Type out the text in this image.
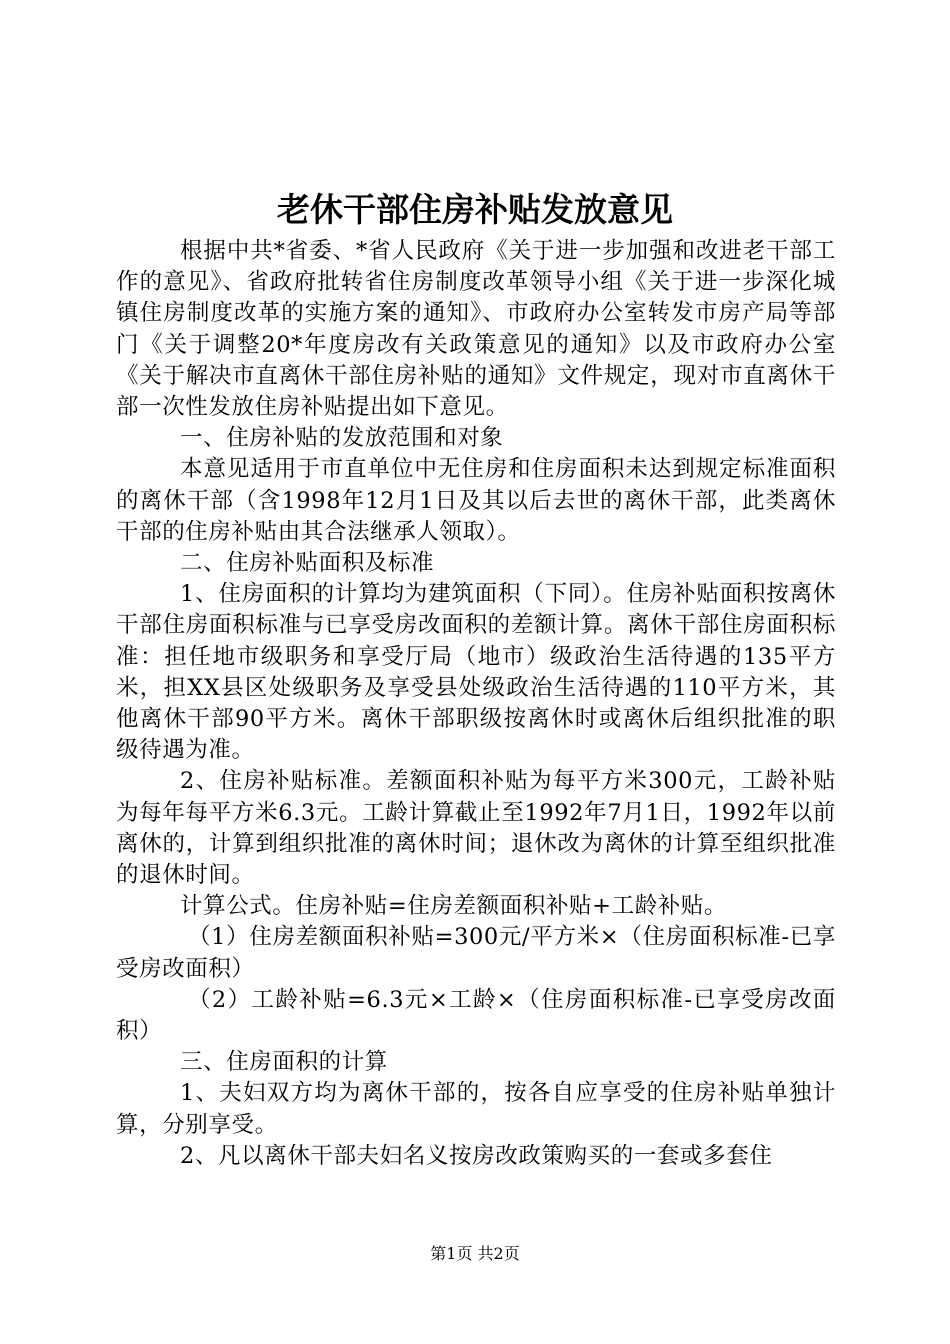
老休干部住房补贴发放意见

根据中共*省委、*省人民政府《关于进一步加强和改进老干部工作的意见》、省政府批转省住房制度改革领导小组《关于进一步深化城镇住房制度改革的实施方案的通知》、市政府办公室转发市房产局等部门《关于调整20*年度房改有关政策意见的通知》以及市政府办公室《关于解决市直离休干部住房补贴的通知》文件规定，现对市直离休干部一次性发放住房补贴提出如下意见。

一、住房补贴的发放范围和对象

本意见适用于市直单位中无住房和住房面积未达到规定标准面积的离休干部（含1998年12月1日及其以后去世的离休干部，此类离休干部的住房补贴由其合法继承人领取）。

二、住房补贴面积及标准

1、住房面积的计算均为建筑面积（下同）。住房补贴面积按离休干部住房面积标准与已享受房改面积的差额计算。离休干部住房面积标准：担任地市级职务和享受厅局（地市）级政治生活待遇的135平方米，担XX县区处级职务及享受县处级政治生活待遇的110平方米，其他离休干部90平方米。离休干部职级按离休时或离休后组织批准的职级待遇为准。

2、住房补贴标准。差额面积补贴为每平方米300元，工龄补贴为每年每平方米6.3元。工龄计算截止至1992年7月1日，1992年以前离休的，计算到组织批准的离休时间；退休改为离休的计算至组织批准的退休时间。

计算公式。住房补贴=住房差额面积补贴+工龄补贴。

（1）住房差额面积补贴=300元/平方米×（住房面积标准-已享受房改面积）

（2）工龄补贴=6.3元×工龄×（住房面积标准-已享受房改面积）

三、住房面积的计算

1、夫妇双方均为离休干部的，按各自应享受的住房补贴单独计算，分别享受。

2、凡以离休干部夫妇名义按房改政策购买的一套或多套住

第1页 共2页
